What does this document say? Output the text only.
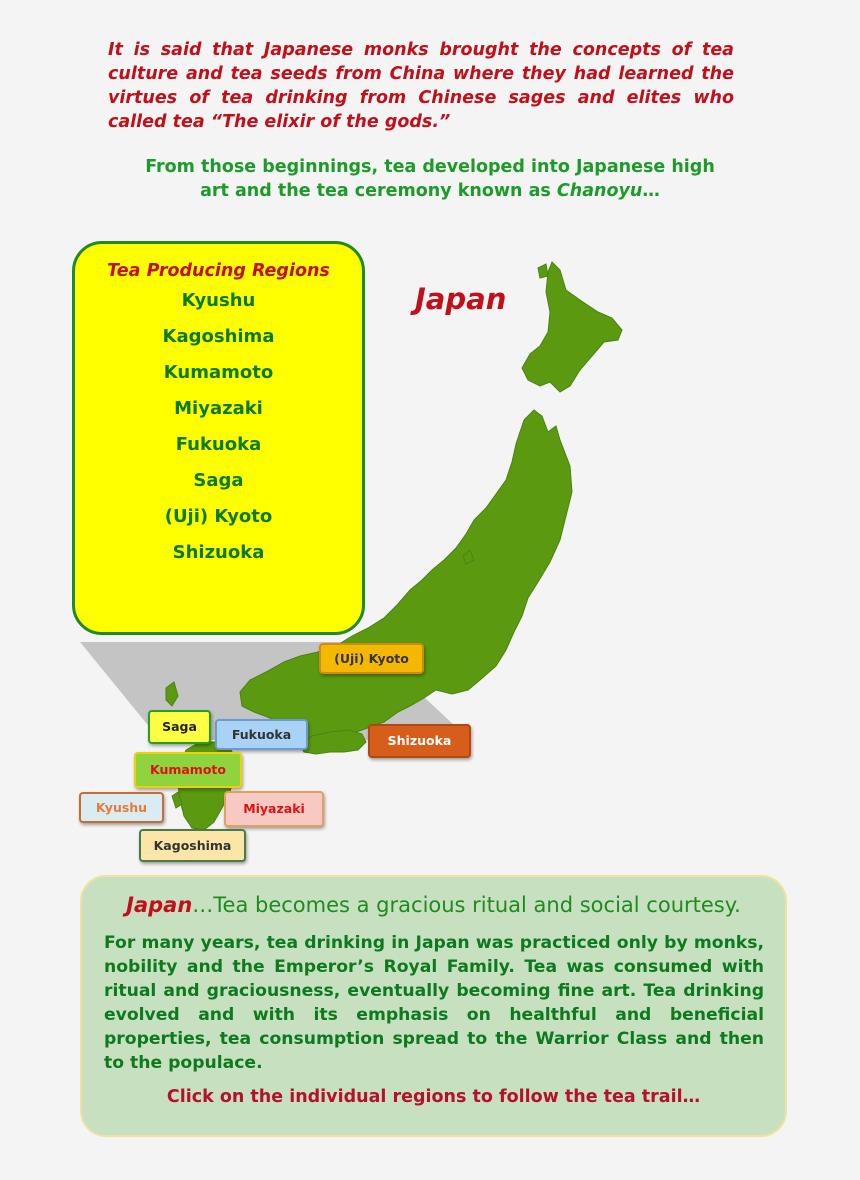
It is said that Japanese monks brought the concepts of tea culture and tea seeds from China where they had learned the virtues of tea drinking from Chinese sages and elites who called tea “The elixir of the gods.”

From those beginnings, tea developed into Japanese high art and the tea ceremony known as Chanoyu…

Tea Producing Regions
Kyushu
Kagoshima
Kumamoto
Miyazaki
Fukuoka
Saga
(Uji) Kyoto
Shizuoka
Japan
(Uji) Kyoto
Shizuoka
Saga
Fukuoka
Kumamoto
Kyushu	Miyazaki
Kagoshima
Japan…Tea becomes a gracious ritual and social courtesy.
For many years, tea drinking in Japan was practiced only by monks, nobility and the Emperor’s Royal Family. Tea was consumed with ritual and graciousness, eventually becoming fine art. Tea drinking evolved and with its emphasis on healthful and beneficial properties, tea consumption spread to the Warrior Class and then to the populace.
Click on the individual regions to follow the tea trail…
